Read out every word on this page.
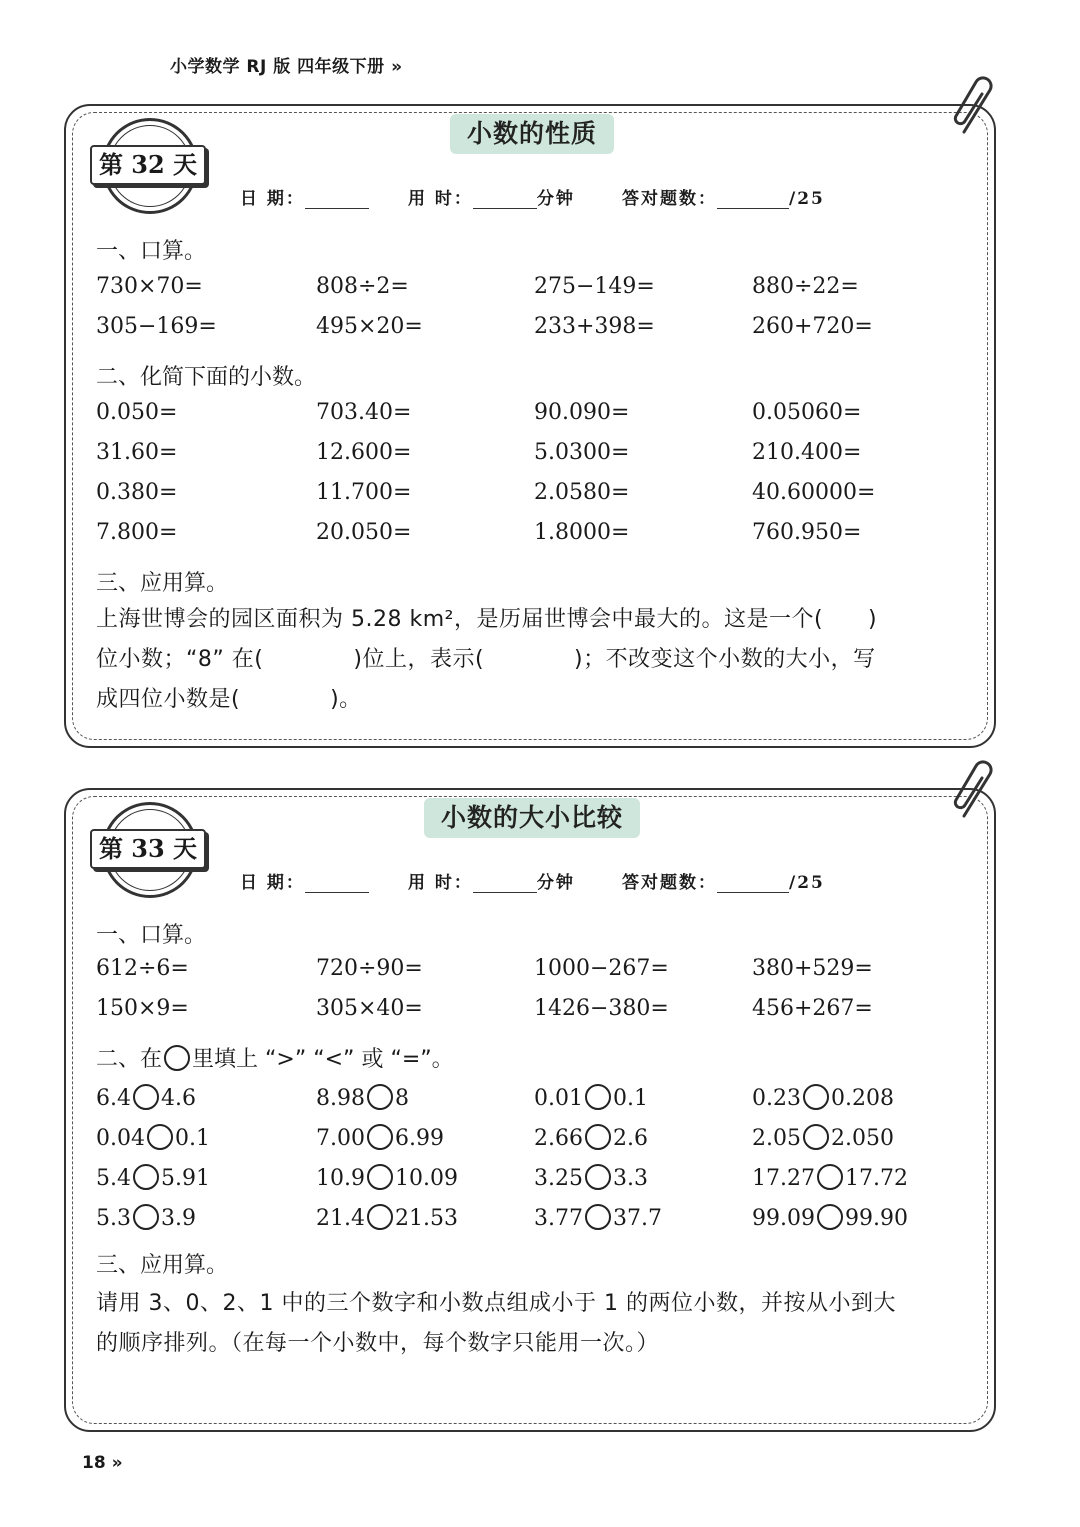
小学数学 RJ 版 四年级下册 »
小数的性质
第 32 天
日 期：	用 时：	分钟	答对题数：	/25
一、口算。
730×70=	808÷2=	275−149=	880÷22=
305−169=	495×20=	233+398=	260+720=
二、化简下面的小数。
0.050=	703.40=	90.090=	0.05060=
31.60=	12.600=	5.0300=	210.400=
0.380=	11.700=	2.0580=	40.60000=
7.800=	20.050=	1.8000=	760.950=
三、应用算。
上海世博会的园区面积为 5.28 km²，是历届世博会中最大的。这是一个(　　)
位小数；“8” 在(　　　　)位上，表示(　　　　)；不改变这个小数的大小，写
成四位小数是(　　　　)。
小数的大小比较
第 33 天
日 期：	用 时：	分钟	答对题数：	/25
一、口算。
612÷6=	720÷90=	1000−267=	380+529=
150×9=	305×40=	1426−380=	456+267=
二、在 里填上 “>” “<” 或 “=”。
6.4 4.6	8.98 8	0.01 0.1	0.23 0.208
0.04 0.1	7.00 6.99	2.66 2.6	2.05 2.050
5.4 5.91	10.9 10.09	3.25 3.3	17.27 17.72
5.3 3.9	21.4 21.53	3.77 37.7	99.09 99.90
三、应用算。
请用 3、0、2、1 中的三个数字和小数点组成小于 1 的两位小数，并按从小到大
的顺序排列。（在每一个小数中，每个数字只能用一次。）
18 »
